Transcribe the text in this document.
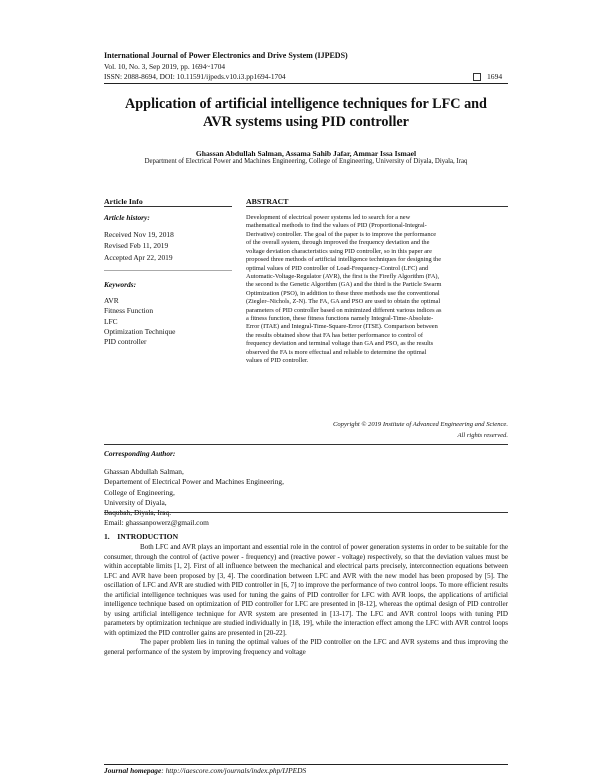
International Journal of Power Electronics and Drive System (IJPEDS)
Vol. 10, No. 3, Sep 2019, pp. 1694~1704
ISSN: 2088-8694, DOI: 10.11591/ijpeds.v10.i3.pp1694-1704	1694
Application of artificial intelligence techniques for LFC and
AVR systems using PID controller
Ghassan Abdullah Salman, Assama Sahib Jafar, Ammar Issa Ismael
Department of Electrical Power and Machines Engineering, College of Engineering, University of Diyala, Diyala, Iraq
Article Info
Article history:
Received Nov 19, 2018
Revised Feb 11, 2019
Accepted Apr 22, 2019
Keywords:
AVR
Fitness Function
LFC
Optimization Technique
PID controller
ABSTRACT
Development of electrical power systems led to search for a new
mathematical methods to find the values of PID (Proportional-Integral-
Derivative) controller. The goal of the paper is to improve the performance
of the overall system, through improved the frequency deviation and the
voltage deviation characteristics using PID controller, so in this paper are
proposed three methods of artificial intelligence techniques for designing the
optimal values of PID controller of Load-Frequency-Control (LFC) and
Automatic-Voltage-Regulator (AVR), the first is the Firefly Algorithm (FA),
the second is the Genetic Algorithm (GA) and the third is the Particle Swarm
Optimization (PSO), in addition to these three methods use the conventional
(Ziegler–Nichols, Z-N). The FA, GA and PSO are used to obtain the optimal
parameters of PID controller based on minimized different various indices as
a fitness function, these fitness functions namely Integral-Time-Absolute-
Error (ITAE) and Integral-Time-Square-Error (ITSE). Comparison between
the results obtained show that FA has better performance to control of
frequency deviation and terminal voltage than GA and PSO, as the results
observed the FA is more effectual and reliable to determine the optimal
values of PID controller.
Copyright © 2019 Institute of Advanced Engineering and Science.
All rights reserved.
Corresponding Author:
Ghassan Abdullah Salman,
Departement of Electrical Power and Machines Engineering,
College of Engineering,
University of Diyala,
Email: ghassanpowerz@gmail.com
1.    INTRODUCTION

Both LFC and AVR plays an important and essential role in the control of power generation systems in order to be suitable for the consumer, through the control of (active power - frequency) and (reactive power - voltage) respectively, so that the deviation values must be within acceptable limits [1, 2]. First of all influence between the mechanical and electrical parts precisely, interconnection equations between LFC and AVR have been proposed by [3, 4]. The coordination between LFC and AVR with the new model has been proposed by [5]. The oscillation of LFC and AVR are studied with PID controller in [6, 7] to improve the performance of two control loops. To more efficient results the artificial intelligence techniques was used for tuning the gains of PID controller for LFC with AVR loops, the applications of artificial intelligence technique based on optimization of PID controller for LFC are presented in [8-12], whereas the optimal design of PID controller by using artificial intelligence technique for AVR system are presented in [13-17]. The LFC and AVR control loops with tuning PID parameters by optimization technique are studied individually in [18, 19], while the interaction effect among the LFC with AVR control loops with optimized the PID controller gains are presented in [20-22].

The paper problem lies in tuning the optimal values of the PID controller on the LFC and AVR systems and thus improving the general performance of the system by improving frequency and voltage

Journal homepage: http://iaescore.com/journals/index.php/IJPEDS
